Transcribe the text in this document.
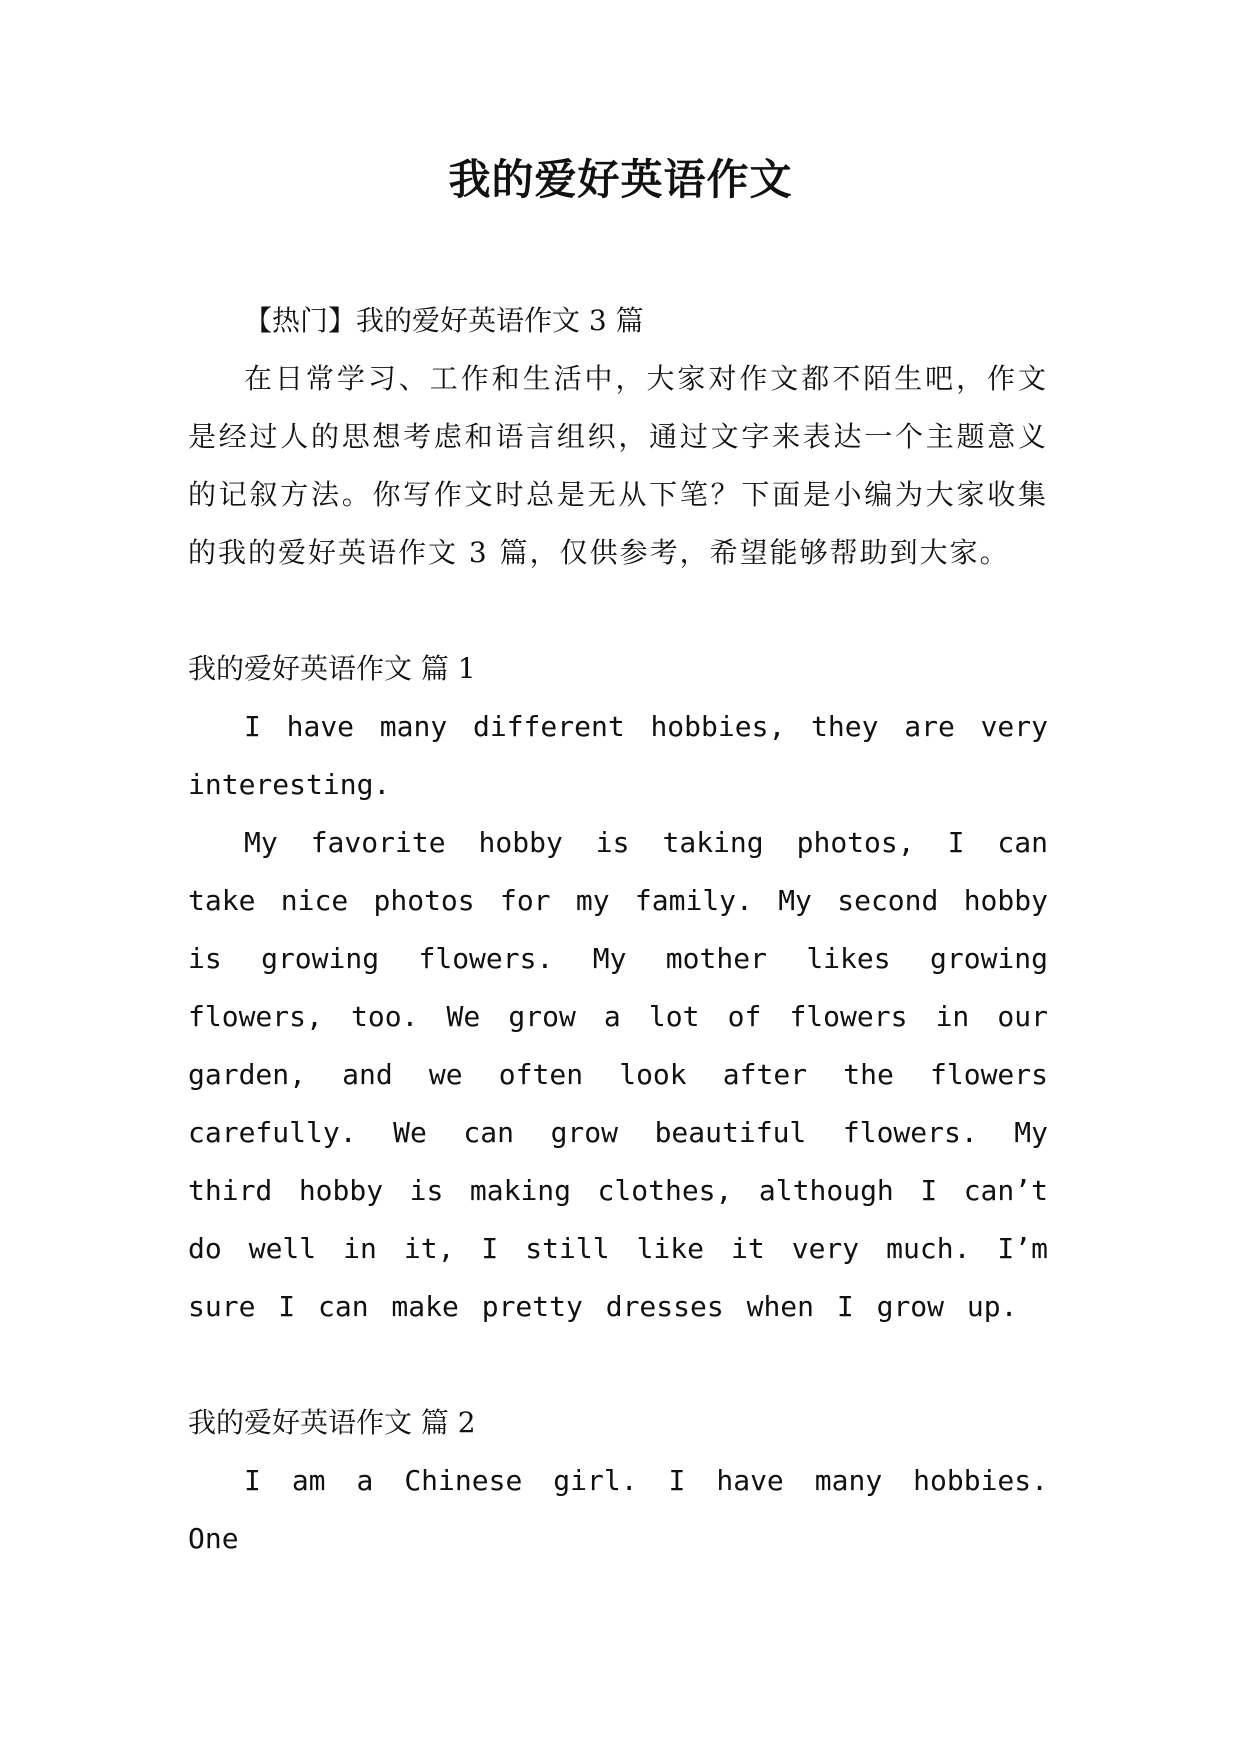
我的爱好英语作文

【热门】我的爱好英语作文 3 篇

在日常学习、工作和生活中，大家对作文都不陌生吧，作文是经过人的思想考虑和语言组织，通过文字来表达一个主题意义的记叙方法。你写作文时总是无从下笔？下面是小编为大家收集的我的爱好英语作文 3 篇，仅供参考，希望能够帮助到大家。

我的爱好英语作文 篇 1

I have many different hobbies, they are very interesting.

My favorite hobby is taking photos, I can take nice photos for my family. My second hobby is growing flowers. My mother likes growing flowers, too. We grow a lot of flowers in our garden, and we often look after the flowers carefully. We can grow beautiful flowers. My third hobby is making clothes, although I can’t do well in it, I still like it very much. I’m sure I can make pretty dresses when I grow up.

我的爱好英语作文 篇 2

I am a Chinese girl. I have many hobbies. One
